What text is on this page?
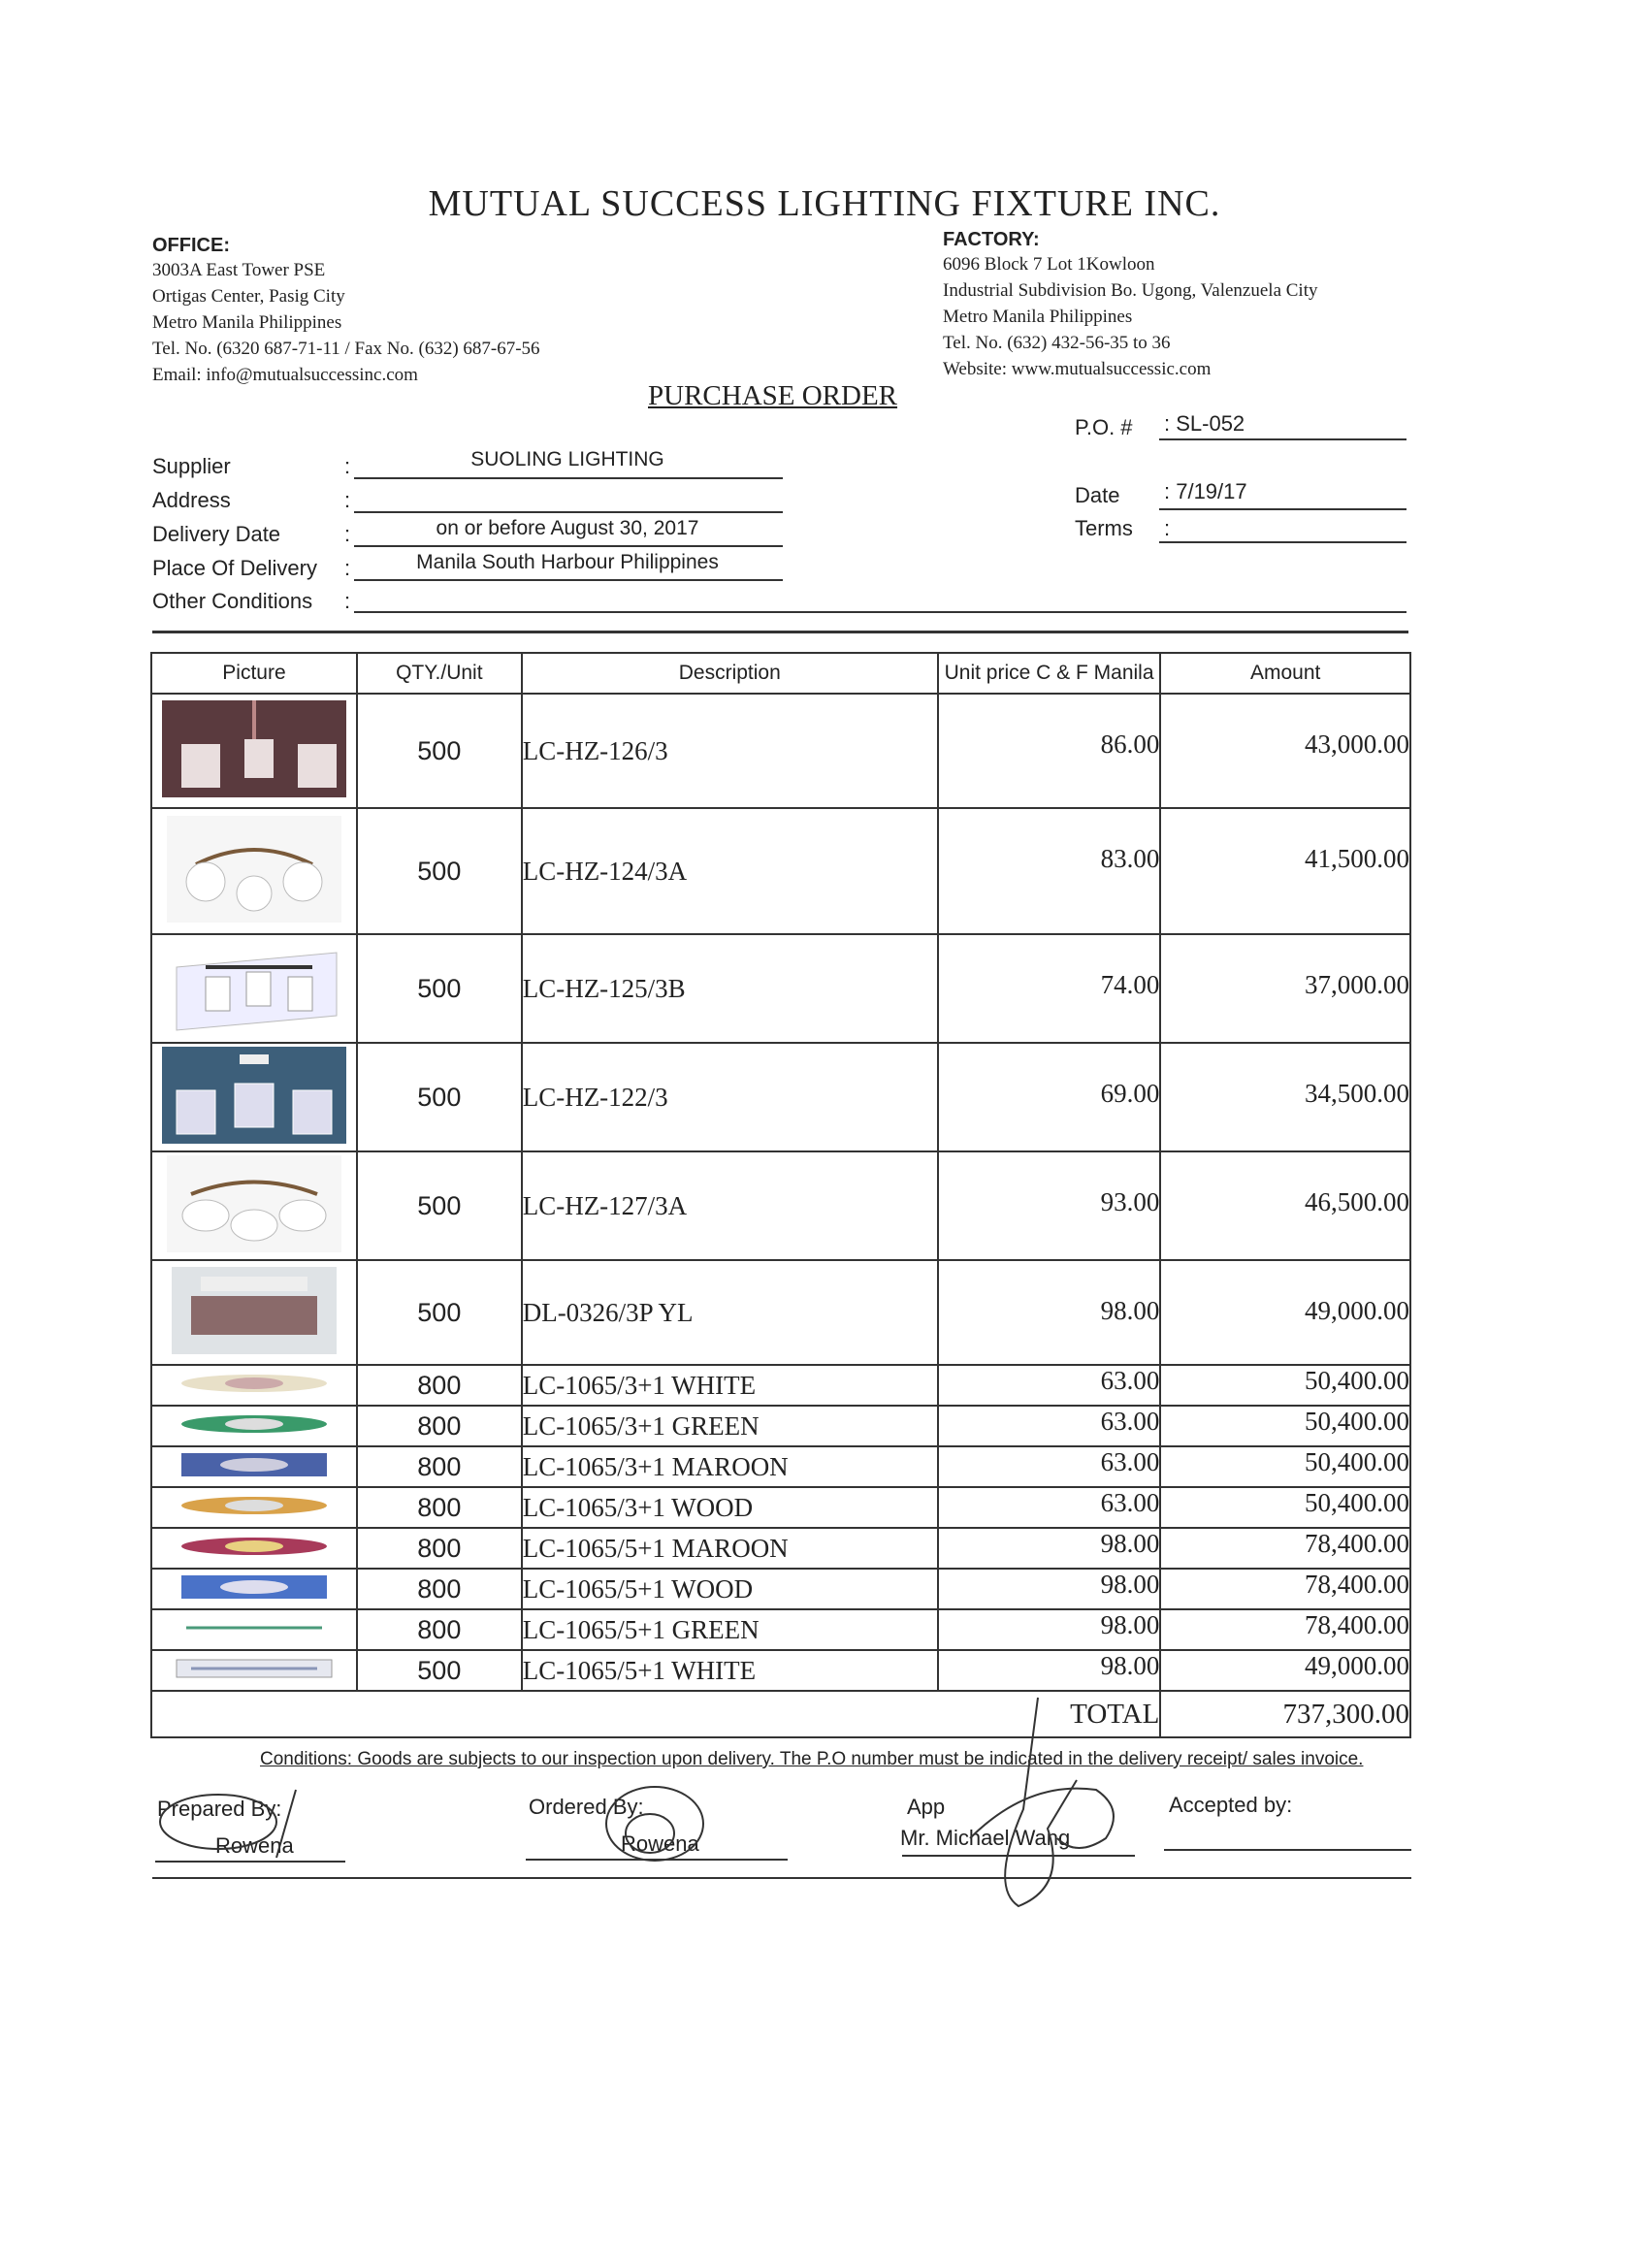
MUTUAL SUCCESS LIGHTING FIXTURE INC.
OFFICE:
3003A East Tower PSE
Ortigas Center, Pasig City
Metro Manila Philippines
Tel. No. (6320 687-71-11 / Fax No. (632) 687-67-56
Email: info@mutualsuccessinc.com
FACTORY:
6096 Block 7 Lot 1Kowloon
Industrial Subdivision Bo. Ugong, Valenzuela City
Metro Manila Philippines
Tel. No. (632) 432-56-35 to 36
Website: www.mutualsuccessic.com
PURCHASE ORDER
P.O. # : SL-052
Date : 7/19/17
Terms :
Supplier	:	SUOLING LIGHTING
Address	:
Delivery Date	:	on or before August 30, 2017
Place Of Delivery :	Manila South Harbour Philippines
Other Conditions :
Picture	QTY./Unit	Description	Unit price C & F Manila	Amount
	500	LC-HZ-126/3	86.00	43,000.00
	500	LC-HZ-124/3A	83.00	41,500.00
	500	LC-HZ-125/3B	74.00	37,000.00
	500	LC-HZ-122/3	69.00	34,500.00
	500	LC-HZ-127/3A	93.00	46,500.00
	500	DL-0326/3P YL	98.00	49,000.00
	800	LC-1065/3+1 WHITE	63.00	50,400.00
	800	LC-1065/3+1 GREEN	63.00	50,400.00
	800	LC-1065/3+1 MAROON	63.00	50,400.00
	800	LC-1065/3+1 WOOD	63.00	50,400.00
	800	LC-1065/5+1 MAROON	98.00	78,400.00
	800	LC-1065/5+1 WOOD	98.00	78,400.00
	800	LC-1065/5+1 GREEN	98.00	78,400.00
	500	LC-1065/5+1 WHITE	98.00	49,000.00
TOTAL				737,300.00
Conditions: Goods are subjects to our inspection upon delivery. The P.O number must be indicated in the delivery receipt/ sales invoice.
Prepared By:
Rowena
Ordered By:
Rowena
App
Mr. Michael Wang
Accepted by:
